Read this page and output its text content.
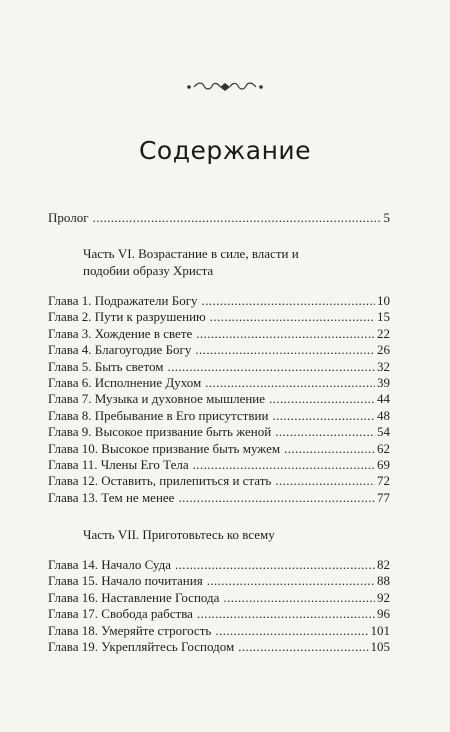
Содержание
Пролог .....	5
Часть VI. Возрастание в силе, власти и
подобии образу Христа
Глава 1. Подражатели Богу .....	10
Глава 2. Пути к разрушению .....	15
Глава 3. Хождение в свете .....	22
Глава 4. Благоугодие Богу .....	26
Глава 5. Быть светом .....	32
Глава 6. Исполнение Духом .....	39
Глава 7. Музыка и духовное мышление .....	44
Глава 8. Пребывание в Его присутствии .....	48
Глава 9. Высокое призвание быть женой .....	54
Глава 10. Высокое призвание быть мужем .....	62
Глава 11. Члены Его Тела .....	69
Глава 12. Оставить, прилепиться и стать .....	72
Глава 13. Тем не менее .....	77
Часть VII. Приготовьтесь ко всему
Глава 14. Начало Суда .....	82
Глава 15. Начало почитания .....	88
Глава 16. Наставление Господа .....	92
Глава 17. Свобода рабства .....	96
Глава 18. Умеряйте строгость .....	101
Глава 19. Укрепляйтесь Господом .....	105
